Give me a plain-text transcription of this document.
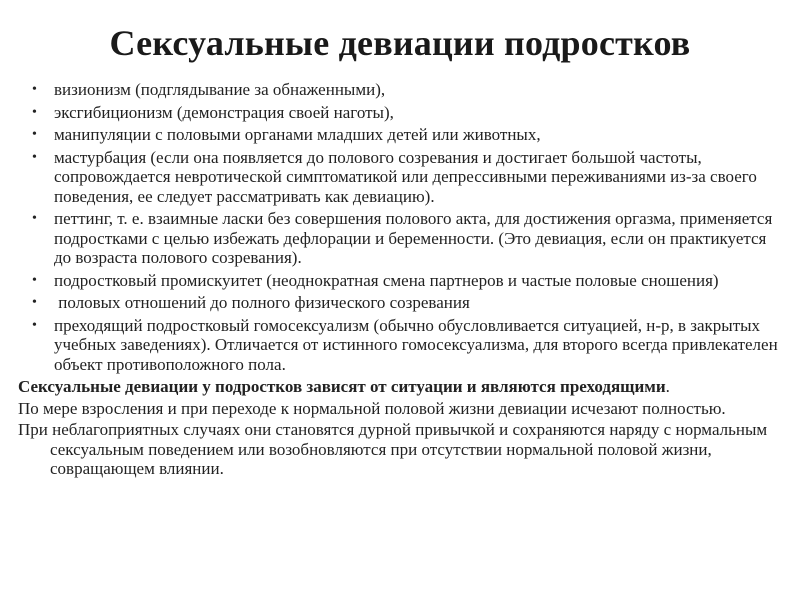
Сексуальные девиации подростков
• визионизм (подглядывание за обнаженными),
• эксгибиционизм (демонстрация своей наготы),
• манипуляции с половыми органами младших детей или животных,
• мастурбация (если она появляется до полового созревания и достигает большой частоты, сопровождается невротической симптоматикой или депрессивными переживаниями из-за своего поведения, ее следует рассматривать как девиацию).
• петтинг, т. е. взаимные ласки без совершения полового акта, для достижения оргазма, применяется подростками с целью избежать дефлорации и беременности. (Это девиация, если он практикуется до возраста полового созревания).
• подростковый промискуитет (неоднократная смена партнеров и частые половые сношения)
• половых отношений до полного физического созревания
• преходящий подростковый гомосексуализм (обычно обусловливается ситуацией, н-р, в закрытых учебных заведениях). Отличается от истинного гомосексуализма, для второго всегда привлекателен объект противоположного пола.

Сексуальные девиации у подростков зависят от ситуации и являются преходящими.

По мере взросления и при переходе к нормальной половой жизни девиации исчезают полностью.

При неблагоприятных случаях они становятся дурной привычкой и сохраняются наряду с нормальным сексуальным поведением или возобновляются при отсутствии нормальной половой жизни, совращающем влиянии.
